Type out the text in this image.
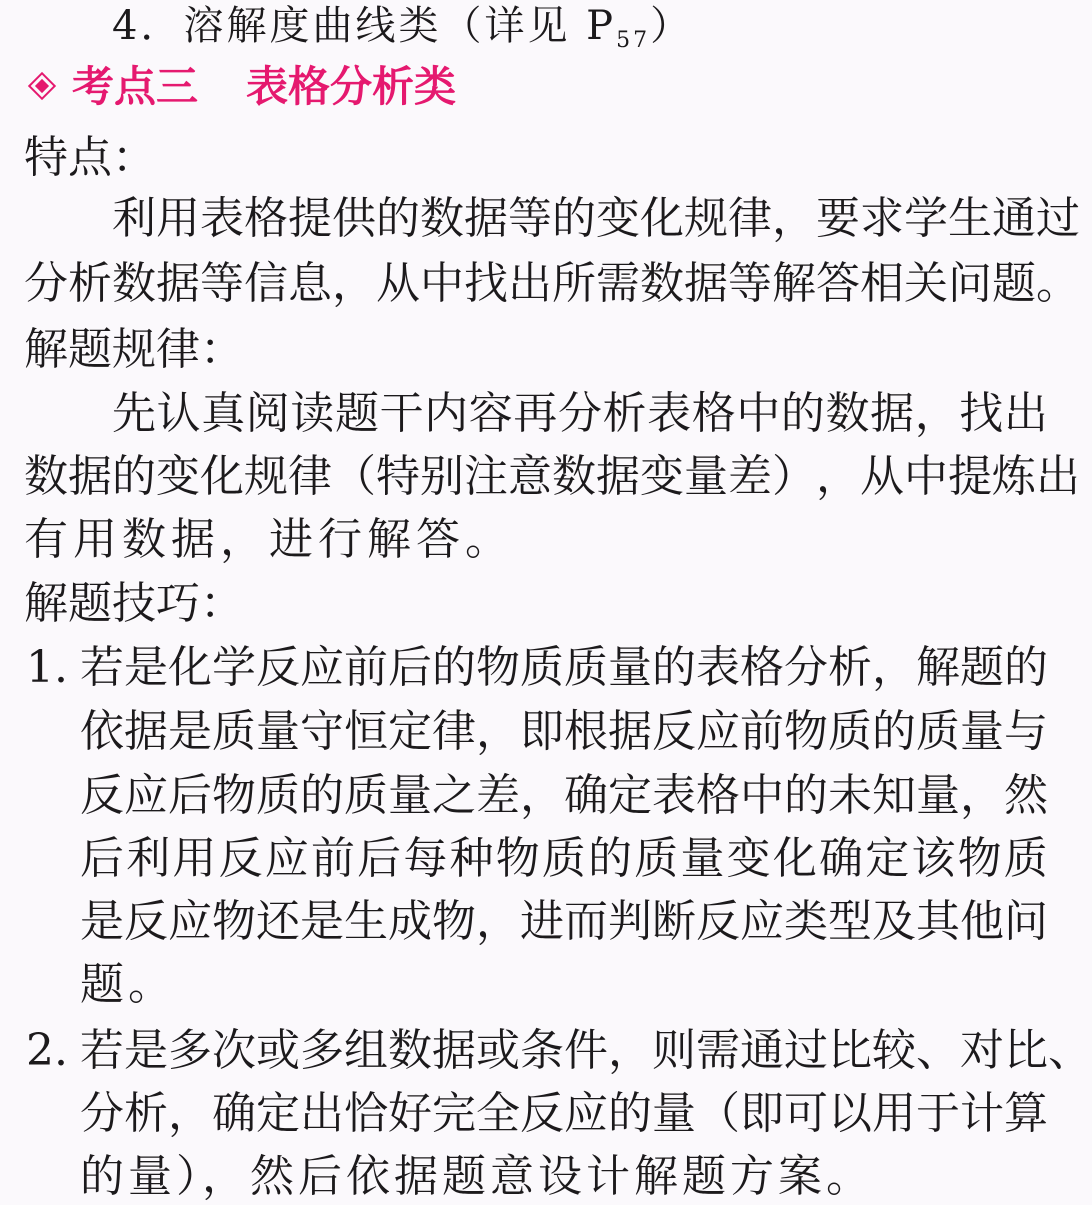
4．溶解度曲线类（详见 $P_{57}$）
考点三 表格分析类
特点：
利 用 表 格 提 供 的 数 据 等 的 变 化 规 律 ， 要 求 学 生 通 过
分 析 数 据 等 信 息 ， 从 中 找 出 所 需 数 据 等 解 答 相 关 问 题 。
解题规律：
先 认 真 阅 读 题 干 内 容 再 分 析 表 格 中 的 数 据 ， 找 出
数 据 的 变 化 规 律 （ 特 别 注 意 数 据 变 量 差 ） ， 从 中 提 炼 出
有用数据，进行解答。
解题技巧：
1. 若 是 化 学 反 应 前 后 的 物 质 质 量 的 表 格 分 析 ， 解 题 的
依 据 是 质 量 守 恒 定 律 ， 即 根 据 反 应 前 物 质 的 质 量 与
反 应 后 物 质 的 质 量 之 差 ， 确 定 表 格 中 的 未 知 量 ， 然
后 利 用 反 应 前 后 每 种 物 质 的 质 量 变 化 确 定 该 物 质
是 反 应 物 还 是 生 成 物 ， 进 而 判 断 反 应 类 型 及 其 他 问
题。
2. 若 是 多 次 或 多 组 数 据 或 条 件 ， 则 需 通 过 比 较 、 对 比 、
分 析 ， 确 定 出 恰 好 完 全 反 应 的 量 （ 即 可 以 用 于 计 算
的量），然后依据题意设计解题方案。
